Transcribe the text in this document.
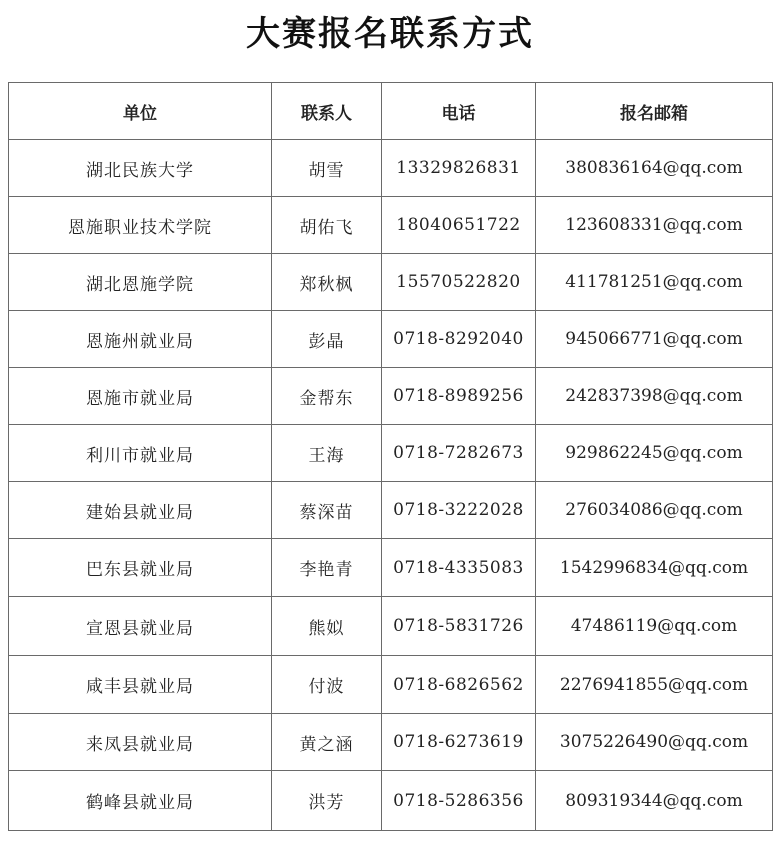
大赛报名联系方式
单位	联系人	电话	报名邮箱
湖北民族大学	胡雪	13329826831	380836164@qq.com
恩施职业技术学院	胡佑飞	18040651722	123608331@qq.com
湖北恩施学院	郑秋枫	15570522820	411781251@qq.com
恩施州就业局	彭晶	0718-8292040	945066771@qq.com
恩施市就业局	金帮东	0718-8989256	242837398@qq.com
利川市就业局	王海	0718-7282673	929862245@qq.com
建始县就业局	蔡深苗	0718-3222028	276034086@qq.com
巴东县就业局	李艳青	0718-4335083	1542996834@qq.com
宣恩县就业局	熊姒	0718-5831726	47486119@qq.com
咸丰县就业局	付波	0718-6826562	2276941855@qq.com
来凤县就业局	黄之涵	0718-6273619	3075226490@qq.com
鹤峰县就业局	洪芳	0718-5286356	809319344@qq.com
